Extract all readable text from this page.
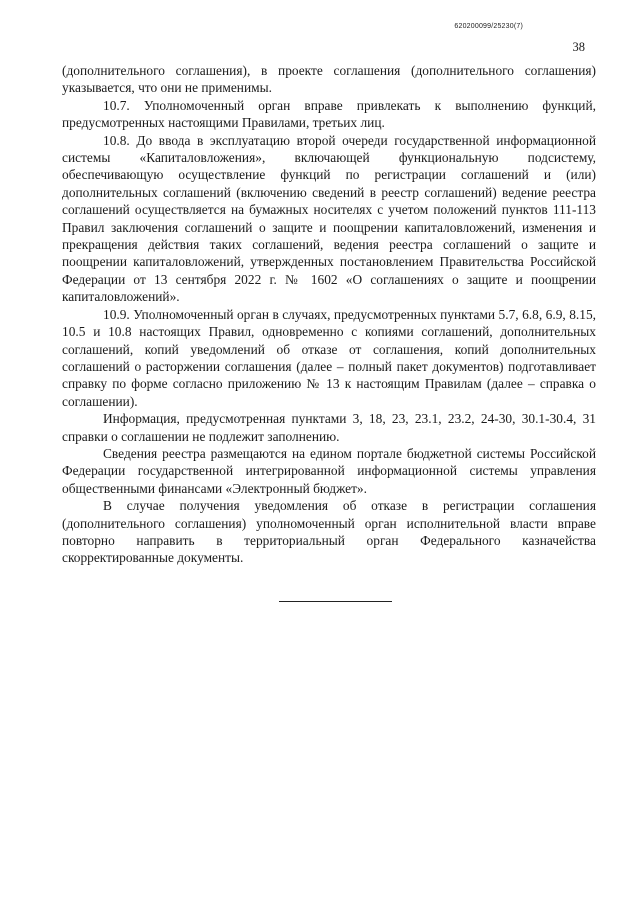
620200099/25230(7)
38

(дополнительного соглашения), в проекте соглашения (дополнительного соглашения) указывается, что они не применимы.

10.7. Уполномоченный орган вправе привлекать к выполнению функций, предусмотренных настоящими Правилами, третьих лиц.

10.8. До ввода в эксплуатацию второй очереди государственной информационной системы «Капиталовложения», включающей функциональную подсистему, обеспечивающую осуществление функций по регистрации соглашений и (или) дополнительных соглашений (включению сведений в реестр соглашений) ведение реестра соглашений осуществляется на бумажных носителях с учетом положений пунктов 111-113 Правил заключения соглашений о защите и поощрении капиталовложений, изменения и прекращения действия таких соглашений, ведения реестра соглашений о защите и поощрении капиталовложений, утвержденных постановлением Правительства Российской Федерации от 13 сентября 2022 г. № 1602 «О соглашениях о защите и поощрении капиталовложений».

10.9. Уполномоченный орган в случаях, предусмотренных пунктами 5.7, 6.8, 6.9, 8.15, 10.5 и 10.8 настоящих Правил, одновременно с копиями соглашений, дополнительных соглашений, копий уведомлений об отказе от соглашения, копий дополнительных соглашений о расторжении соглашения (далее – полный пакет документов) подготавливает справку по форме согласно приложению № 13 к настоящим Правилам (далее – справка о соглашении).

Информация, предусмотренная пунктами 3, 18, 23, 23.1, 23.2, 24-30, 30.1-30.4, 31 справки о соглашении не подлежит заполнению.

Сведения реестра размещаются на едином портале бюджетной системы Российской Федерации государственной интегрированной информационной системы управления общественными финансами «Электронный бюджет».

В случае получения уведомления об отказе в регистрации соглашения (дополнительного соглашения) уполномоченный орган исполнительной власти вправе повторно направить в территориальный орган Федерального казначейства скорректированные документы.
